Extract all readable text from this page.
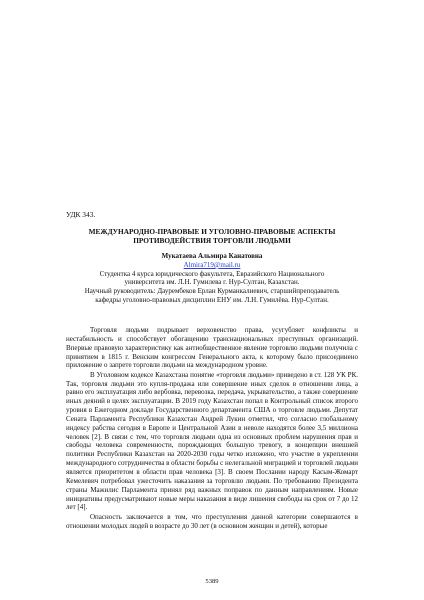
УДК 343.
МЕЖДУНАРОДНО-ПРАВОВЫЕ И УГОЛОВНО-ПРАВОВЫЕ АСПЕКТЫ
ПРОТИВОДЕЙСТВИЯ ТОРГОВЛИ ЛЮДЬМИ
Мукатаева Альмира Канатовна
Almira719@mail.ru
Студентка 4 курса юридического факультета, Евразийского Национального
университета им. Л.Н. Гумилева г. Нур-Султан, Казахстан.
Научный руководитель: Даурембеков Ерлан Курманкалиевич, старшийпреподаватель
кафедры уголовно-правовых дисциплин ЕНУ им. Л.Н. Гумилёва. Нур-Султан.

Торговля людьми подрывает верховенство права, усугубляет конфликты и нестабильность и способствует обогащению транснациональных преступных организаций. Впервые правовую характеристику как антиобщественное явление торговлю людьми получила с принятием в 1815 г. Венским конгрессом Генерального акта, к которому было присоединено приложение о запрете торговли людьми на международном уровне.

В Уголовном кодексе Казахстана понятие «торговля людьми» приведено в ст. 128 УК РК. Так, торговля людьми это купля-продажа или совершение иных сделок в отношении лица, а равно его эксплуатация либо вербовка, перевозка, передача, укрывательство, а также совершение иных деяний в целях эксплуатации. В 2019 году Казахстан попал в Контрольный список второго уровня в Ежегодном докладе Государственного департамента США о торговле людьми. Депутат Сената Парламента Республики Казахстан Андрей Лукин отметил, что согласно глобальному индексу рабства сегодня в Европе и Центральной Азии в неволе находятся более 3,5 миллиона человек [2]. В связи с тем, что торговля людьми одна из основных проблем нарушения прав и свободы человека современности, порождающих большую тревогу, в концепции внешней политики Республики Казахстан на 2020-2030 годы четко изложено, что участие в укреплении международного сотрудничества в области борьбы с нелегальной миграцией и торговлей людьми является приоритетом в области прав человека [3]. В своем Послании народу Касым-Жомарт Кемелевич потребовал ужесточить наказания за торговлю людьми. По требованию Президента страны Мажилис Парламента принял ряд важных поправок по данным направлениям. Новые инициативы предусматривают новые меры наказания в виде лишения свободы на срок от 7 до 12 лет [4].

Опасность заключается в том, что преступления данной категории совершаются в отношении молодых людей в возрасте до 30 лет (в основном женщин и детей), которые

5389
